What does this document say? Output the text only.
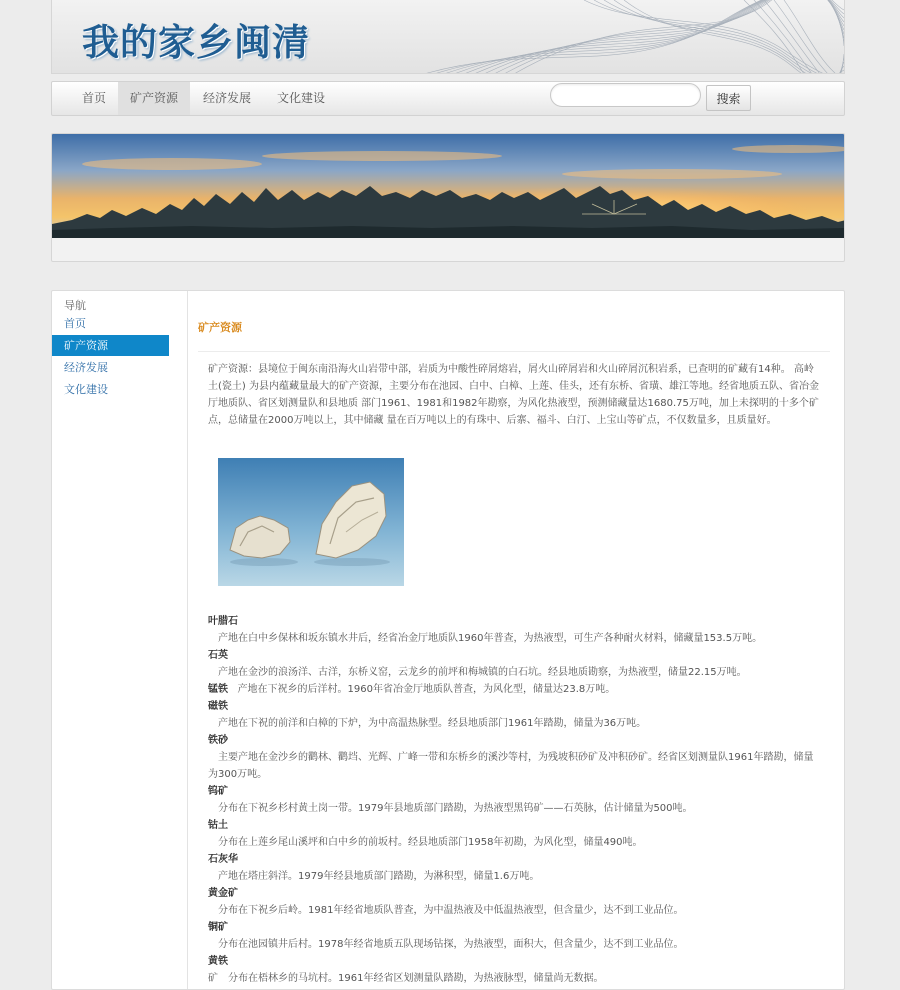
我的家乡闽清
首页	矿产资源	经济发展	文化建设	搜索
导航
首页
矿产资源
经济发展
文化建设
矿产资源
矿产资源：县境位于闽东南沿海火山岩带中部，岩质为中酸性碎屑熔岩，屑火山碎屑岩和火山碎屑沉积岩系，已查明的矿藏有14种。 高岭土(瓷土) 为县内蕴藏量最大的矿产资源，主要分布在池园、白中、白樟、上莲、佳头，还有东桥、省璜、雄江等地。经省地质五队、省冶金厅地质队、省区划测量队和县地质 部门1961、1981和1982年勘察，为风化热液型，预测储藏量达1680.75万吨，加上未探明的十多个矿点，总储量在2000万吨以上，其中储藏 量在百万吨以上的有珠中、后寨、福斗、白汀、上宝山等矿点，不仅数量多，且质量好。
叶腊石
产地在白中乡保林和坂东镇水井后，经省冶金厅地质队1960年普查，为热液型，可生产各种耐火材料，储藏量153.5万吨。
石英
产地在金沙的浪汤洋、古洋，东桥义窑，云龙乡的前坪和梅城镇的白石坑。经县地质勘察，为热液型，储量22.15万吨。
锰铁 产地在下祝乡的后洋村。1960年省冶金厅地质队普查，为风化型，储量达23.8万吨。
磁铁
产地在下祝的前洋和白樟的下炉，为中高温热脉型。经县地质部门1961年踏勘，储量为36万吨。
铁砂
主要产地在金沙乡的鹳林、鹳垱、光辉、广峰一带和东桥乡的溪沙等村，为残坡积砂矿及冲积砂矿。经省区划测量队1961年踏勘，储量为300万吨。
钨矿
分布在下祝乡杉村黄土岗一带。1979年县地质部门踏勘，为热液型黑钨矿——石英脉，估计储量为500吨。
钴土
分布在上莲乡尾山溪坪和白中乡的前坂村。经县地质部门1958年初勘，为风化型，储量490吨。
石灰华
产地在塔庄斜洋。1979年经县地质部门踏勘，为淋积型，储量1.6万吨。
黄金矿
分布在下祝乡后岭。1981年经省地质队普查，为中温热液及中低温热液型，但含量少，达不到工业品位。
铜矿
分布在池园镇井后村。1978年经省地质五队现场钻探，为热液型，面积大，但含量少，达不到工业品位。
黄铁
矿　分布在梧林乡的马坑村。1961年经省区划测量队踏勘，为热液脉型，储量尚无数据。
